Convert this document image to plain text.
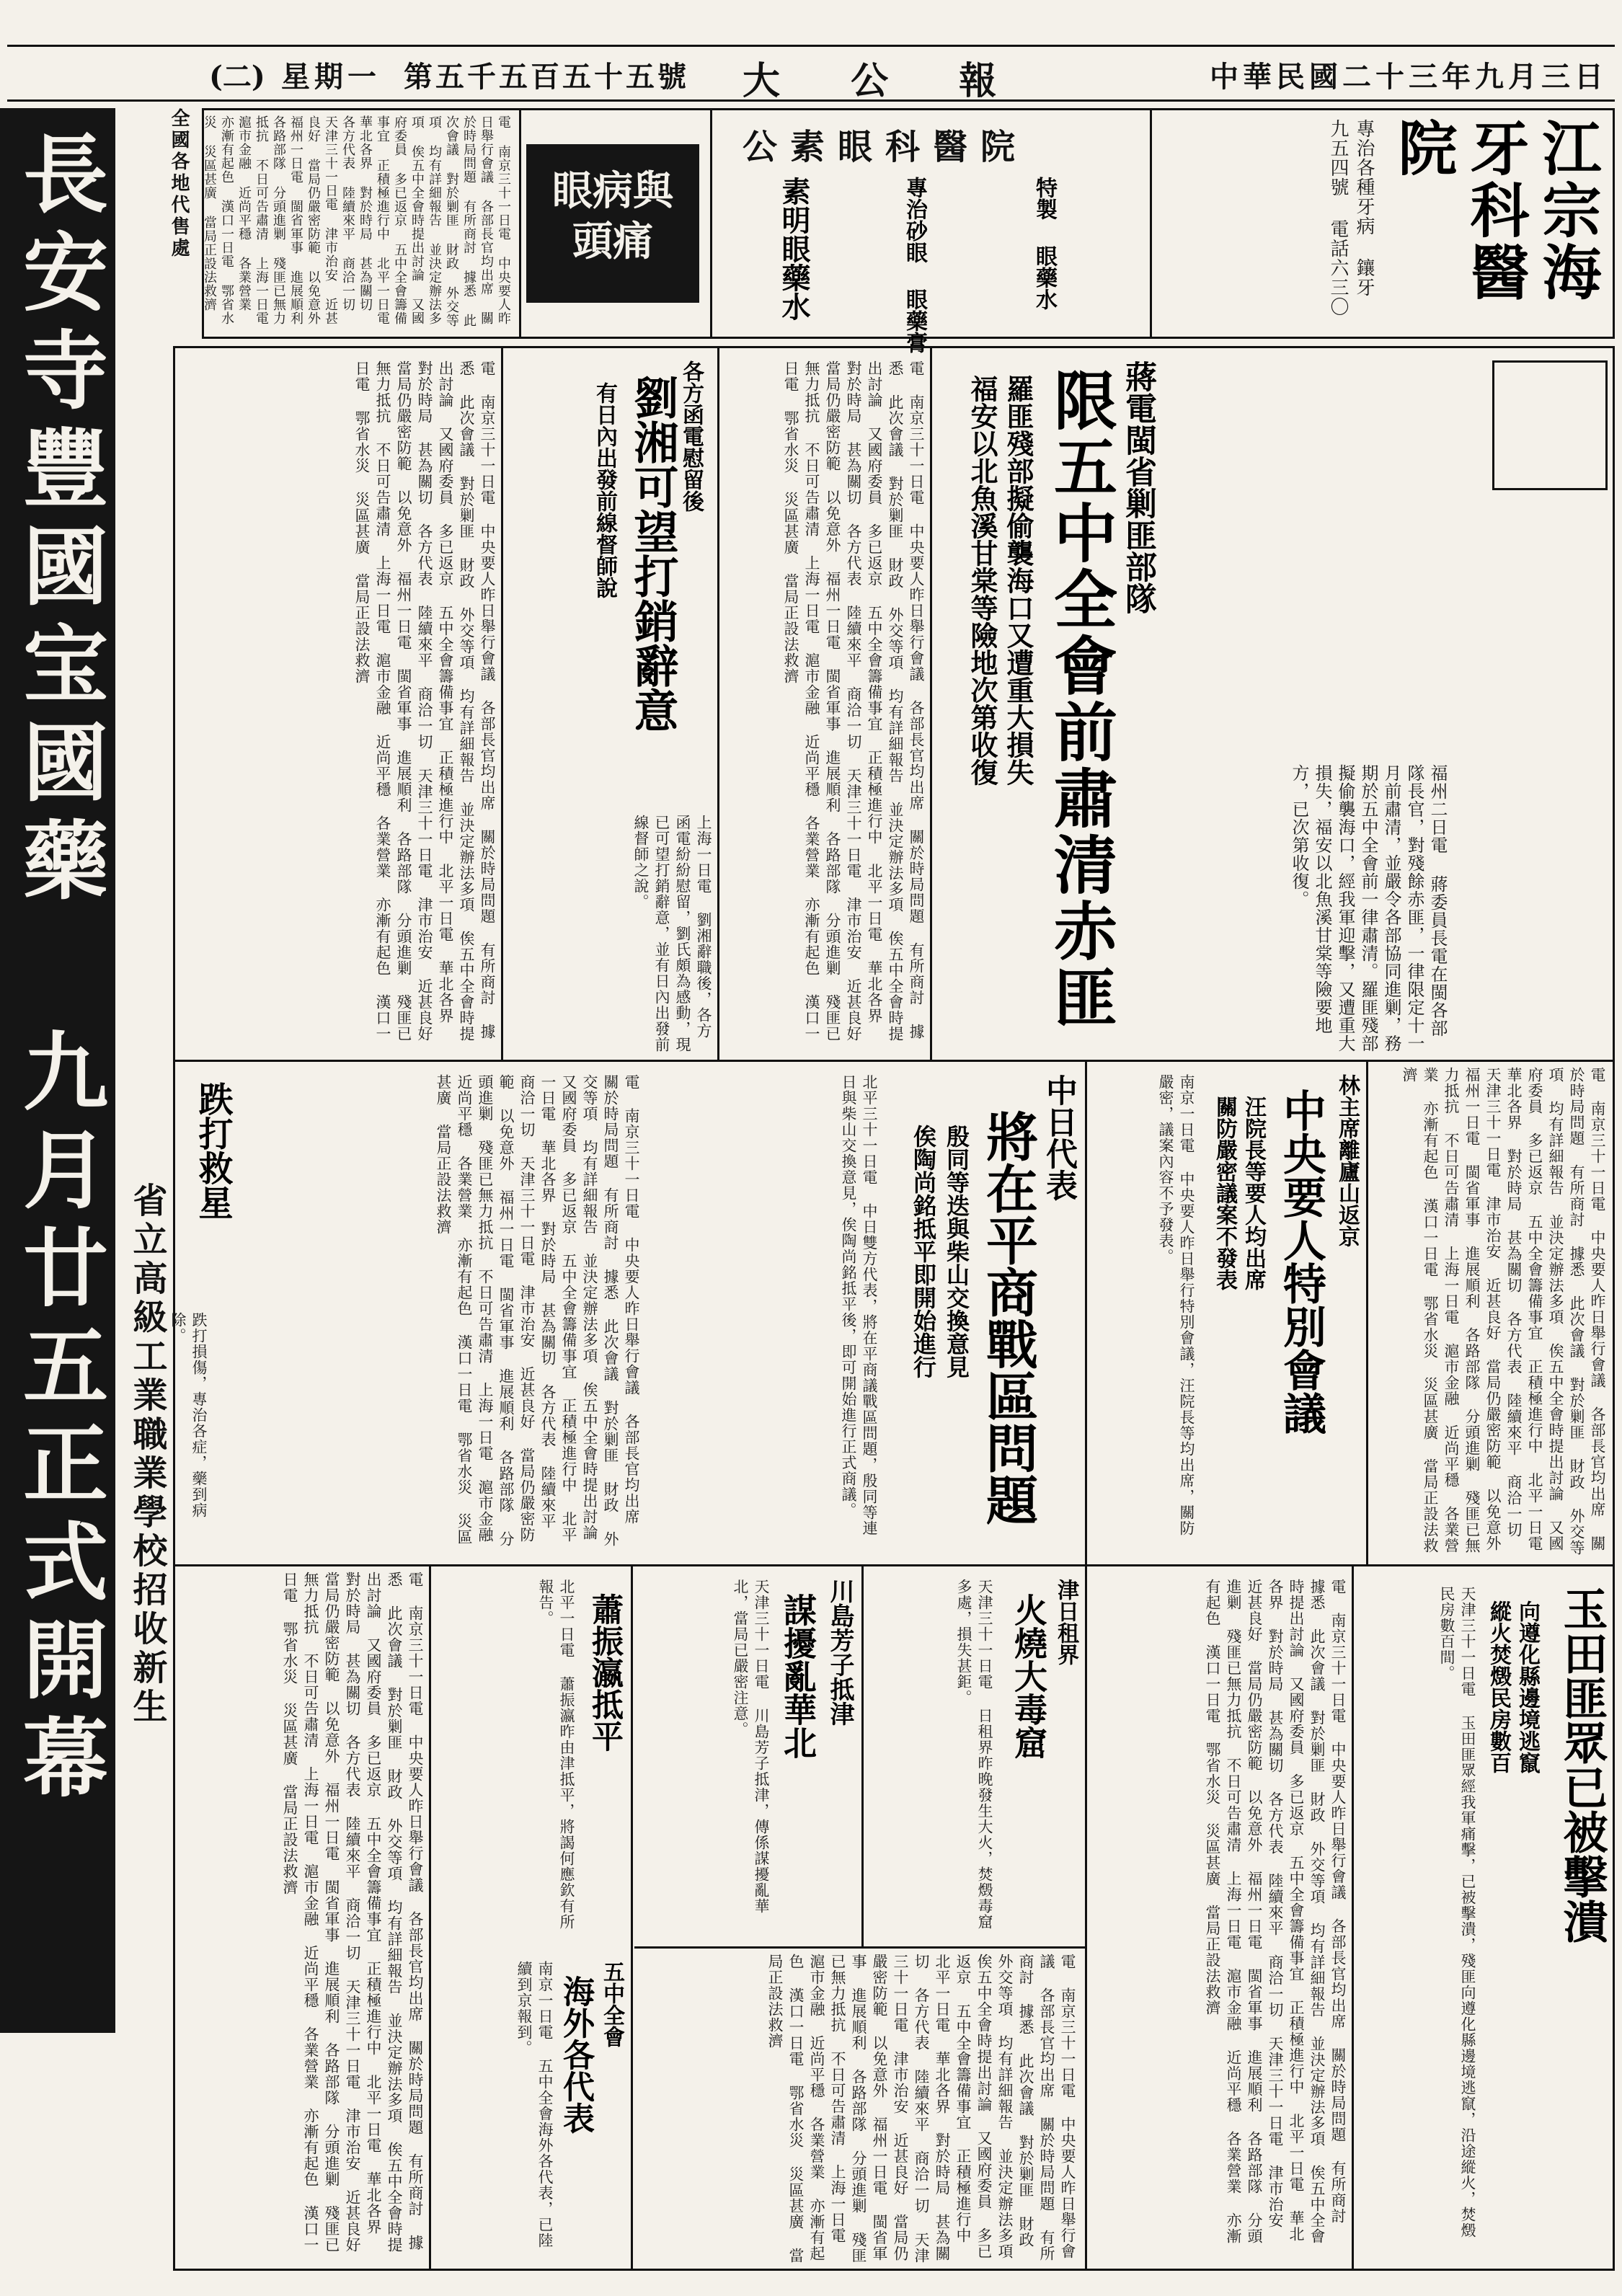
中華民國二十三年九月三日
大 公 報
第五千五百五十五號
星期一
(二)
長安寺豐國宝國藥 九月廿五正式開幕 省立高級工業職業學校招收新生
全國各地代售處	江宗海牙科醫院
專治各種牙病 鑲牙 九五四號 電話六三〇
公素眼科醫院
特製 眼藥水
專治砂眼 眼藥膏
素明眼藥水
眼病與頭痛
電 南京三十一日電 中央要人昨日舉行會議 各部長官均出席 關於時局問題 有所商討 據悉 此次會議 對於剿匪 財政 外交等項 均有詳細報告 並決定辦法多項 俟五中全會時提出討論 又國府委員 多已返京 五中全會籌備事宜 正積極進行中 北平一日電 華北各界 對於時局 甚為關切 各方代表 陸續來平 商洽一切 天津三十一日電 津市治安 近甚良好 當局仍嚴密防範 以免意外 福州一日電 閩省軍事 進展順利 各路部隊 分頭進剿 殘匪已無力抵抗 不日可告肅清 上海一日電 滬市金融 近尚平穩 各業營業 亦漸有起色 漢口一日電 鄂省水災 災區甚廣 當局正設法救濟
蔣電閩省剿匪部隊
限五中全會前肅清赤匪
羅匪殘部擬偷襲海口又遭重大損失
福安以北魚溪甘棠等險地次第收復
福州二日電 蔣委員長電在閩各部隊長官，對殘餘赤匪，一律限定十一月前肅清，並嚴令各部協同進剿，務期於五中全會前一律肅清。羅匪殘部擬偷襲海口，經我軍迎擊，又遭重大損失，福安以北魚溪甘棠等險要地方，已次第收復。
電 南京三十一日電 中央要人昨日舉行會議 各部長官均出席 關於時局問題 有所商討 據悉 此次會議 對於剿匪 財政 外交等項 均有詳細報告 並決定辦法多項 俟五中全會時提出討論 又國府委員 多已返京 五中全會籌備事宜 正積極進行中 北平一日電 華北各界 對於時局 甚為關切 各方代表 陸續來平 商洽一切 天津三十一日電 津市治安 近甚良好 當局仍嚴密防範 以免意外 福州一日電 閩省軍事 進展順利 各路部隊 分頭進剿 殘匪已無力抵抗 不日可告肅清 上海一日電 滬市金融 近尚平穩 各業營業 亦漸有起色 漢口一日電 鄂省水災 災區甚廣 當局正設法救濟
各方函電慰留後
劉湘可望打銷辭意
有日內出發前線督師說
上海一日電 劉湘辭職後，各方函電紛紛慰留，劉氏頗為感動，現已可望打銷辭意，並有日內出發前線督師之說。
電 南京三十一日電 中央要人昨日舉行會議 各部長官均出席 關於時局問題 有所商討 據悉 此次會議 對於剿匪 財政 外交等項 均有詳細報告 並決定辦法多項 俟五中全會時提出討論 又國府委員 多已返京 五中全會籌備事宜 正積極進行中 北平一日電 華北各界 對於時局 甚為關切 各方代表 陸續來平 商洽一切 天津三十一日電 津市治安 近甚良好 當局仍嚴密防範 以免意外 福州一日電 閩省軍事 進展順利 各路部隊 分頭進剿 殘匪已無力抵抗 不日可告肅清 上海一日電 滬市金融 近尚平穩 各業營業 亦漸有起色 漢口一日電 鄂省水災 災區甚廣 當局正設法救濟
林主席離廬山返京
中央要人特別會議
汪院長等要人均出席
關防嚴密議案不發表
南京一日電 中央要人昨日舉行特別會議，汪院長等均出席，關防嚴密，議案內容不予發表。	電 南京三十一日電 中央要人昨日舉行會議 各部長官均出席 關於時局問題 有所商討 據悉 此次會議 對於剿匪 財政 外交等項 均有詳細報告 並決定辦法多項 俟五中全會時提出討論 又國府委員 多已返京 五中全會籌備事宜 正積極進行中 北平一日電 華北各界 對於時局 甚為關切 各方代表 陸續來平 商洽一切 天津三十一日電 津市治安 近甚良好 當局仍嚴密防範 以免意外 福州一日電 閩省軍事 進展順利 各路部隊 分頭進剿 殘匪已無力抵抗 不日可告肅清 上海一日電 滬市金融 近尚平穩 各業營業 亦漸有起色 漢口一日電 鄂省水災 災區甚廣 當局正設法救濟
中日代表
將在平商戰區問題
殷同等迭與柴山交換意見
俟陶尚銘抵平即開始進行
北平三十一日電 中日雙方代表，將在平商議戰區問題，殷同等連日與柴山交換意見，俟陶尚銘抵平後，即可開始進行正式商議。
電 南京三十一日電 中央要人昨日舉行會議 各部長官均出席 關於時局問題 有所商討 據悉 此次會議 對於剿匪 財政 外交等項 均有詳細報告 並決定辦法多項 俟五中全會時提出討論 又國府委員 多已返京 五中全會籌備事宜 正積極進行中 北平一日電 華北各界 對於時局 甚為關切 各方代表 陸續來平 商洽一切 天津三十一日電 津市治安 近甚良好 當局仍嚴密防範 以免意外 福州一日電 閩省軍事 進展順利 各路部隊 分頭進剿 殘匪已無力抵抗 不日可告肅清 上海一日電 滬市金融 近尚平穩 各業營業 亦漸有起色 漢口一日電 鄂省水災 災區甚廣 當局正設法救濟
跌打救星
跌打損傷，專治各症，藥到病除。
玉田匪眾已被擊潰
向遵化縣邊境逃竄
縱火焚燬民房數百
天津三十一日電 玉田匪眾經我軍痛擊，已被擊潰，殘匪向遵化縣邊境逃竄，沿途縱火，焚燬民房數百間。
津日租界
火燒大毒窟
天津三十一日電 日租界昨晚發生大火，焚燬毒窟多處，損失甚鉅。	電 南京三十一日電 中央要人昨日舉行會議 各部長官均出席 關於時局問題 有所商討 據悉 此次會議 對於剿匪 財政 外交等項 均有詳細報告 並決定辦法多項 俟五中全會時提出討論 又國府委員 多已返京 五中全會籌備事宜 正積極進行中 北平一日電 華北各界 對於時局 甚為關切 各方代表 陸續來平 商洽一切 天津三十一日電 津市治安 近甚良好 當局仍嚴密防範 以免意外 福州一日電 閩省軍事 進展順利 各路部隊 分頭進剿 殘匪已無力抵抗 不日可告肅清 上海一日電 滬市金融 近尚平穩 各業營業 亦漸有起色 漢口一日電 鄂省水災 災區甚廣 當局正設法救濟
川島芳子抵津
謀擾亂華北
天津三十一日電 川島芳子抵津，傳係謀擾亂華北，當局已嚴密注意。
蕭振瀛抵平
北平一日電 蕭振瀛昨由津抵平，將謁何應欽有所報告。
五中全會
海外各代表
南京一日電 五中全會海外各代表，已陸續到京報到。	電 南京三十一日電 中央要人昨日舉行會議 各部長官均出席 關於時局問題 有所商討 據悉 此次會議 對於剿匪 財政 外交等項 均有詳細報告 並決定辦法多項 俟五中全會時提出討論 又國府委員 多已返京 五中全會籌備事宜 正積極進行中 北平一日電 華北各界 對於時局 甚為關切 各方代表 陸續來平 商洽一切 天津三十一日電 津市治安 近甚良好 當局仍嚴密防範 以免意外 福州一日電 閩省軍事 進展順利 各路部隊 分頭進剿 殘匪已無力抵抗 不日可告肅清 上海一日電 滬市金融 近尚平穩 各業營業 亦漸有起色 漢口一日電 鄂省水災 災區甚廣 當局正設法救濟
電 南京三十一日電 中央要人昨日舉行會議 各部長官均出席 關於時局問題 有所商討 據悉 此次會議 對於剿匪 財政 外交等項 均有詳細報告 並決定辦法多項 俟五中全會時提出討論 又國府委員 多已返京 五中全會籌備事宜 正積極進行中 北平一日電 華北各界 對於時局 甚為關切 各方代表 陸續來平 商洽一切 天津三十一日電 津市治安 近甚良好 當局仍嚴密防範 以免意外 福州一日電 閩省軍事 進展順利 各路部隊 分頭進剿 殘匪已無力抵抗 不日可告肅清 上海一日電 滬市金融 近尚平穩 各業營業 亦漸有起色 漢口一日電 鄂省水災 災區甚廣 當局正設法救濟
